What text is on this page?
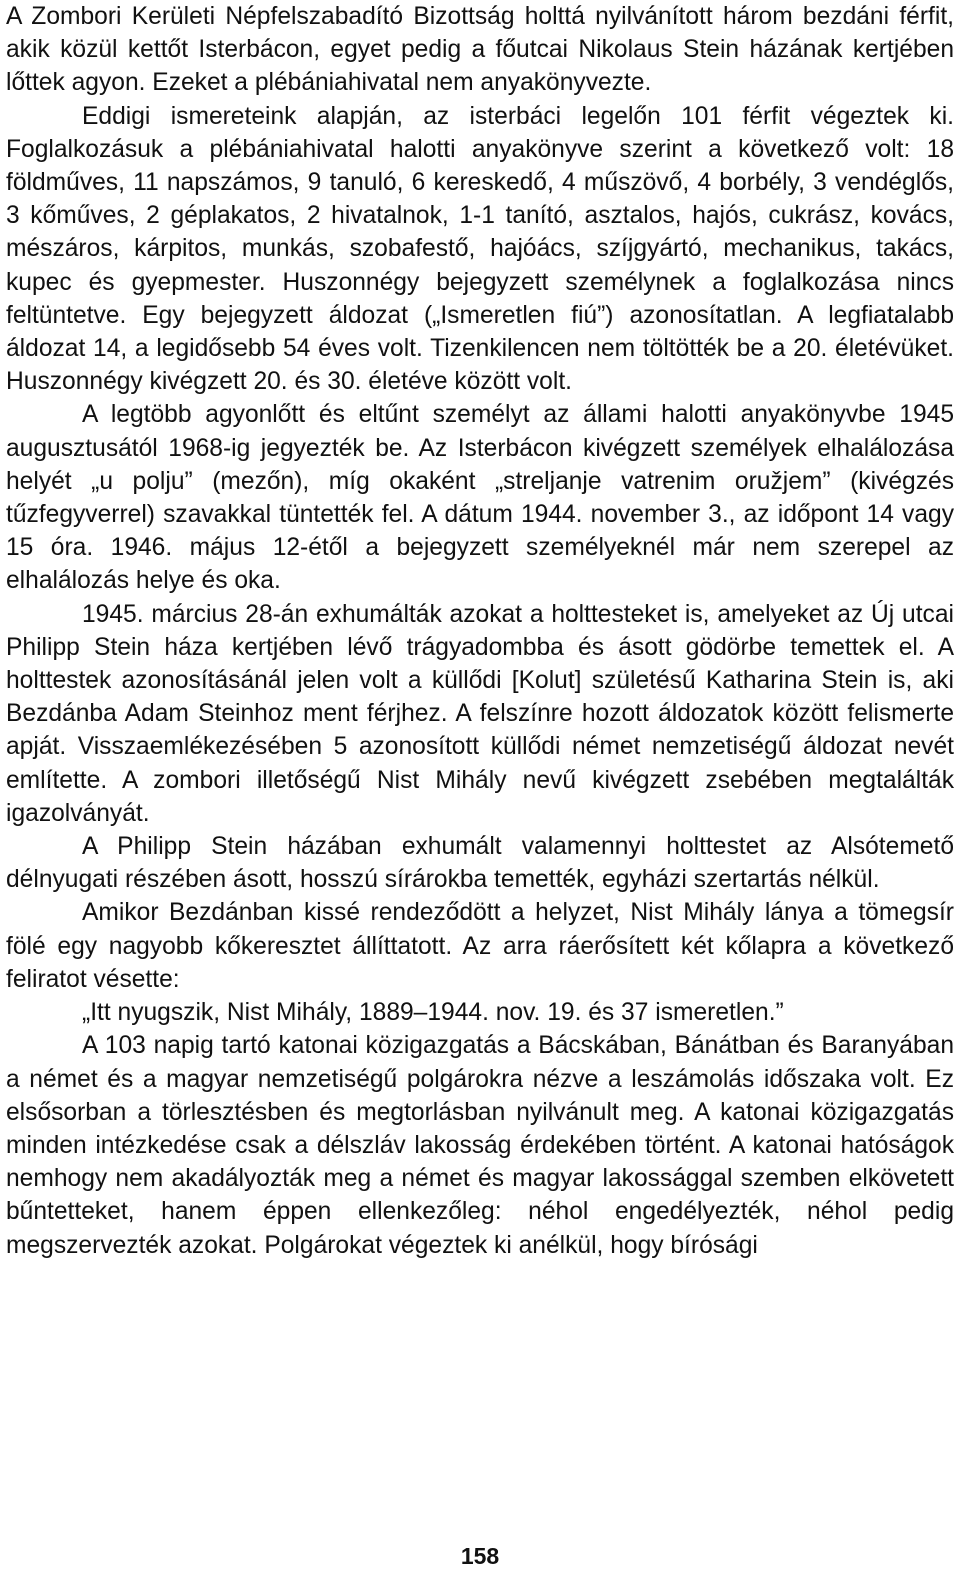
A Zombori Kerületi Népfelszabadító Bizottság holttá nyilvánított három bezdáni férfit, akik közül kettőt Isterbácon, egyet pedig a főutcai Nikolaus Stein házának kertjében lőttek agyon. Ezeket a plébániahivatal nem anyakönyvezte.

Eddigi ismereteink alapján, az isterbáci legelőn 101 férfit végeztek ki. Foglalkozásuk a plébániahivatal halotti anyakönyve szerint a következő volt: 18 földműves, 11 napszámos, 9 tanuló, 6 kereskedő, 4 műszövő, 4 borbély, 3 vendéglős, 3 kőműves, 2 géplakatos, 2 hivatalnok, 1-1 tanító, asztalos, hajós, cukrász, kovács, mészáros, kárpitos, munkás, szobafestő, hajóács, szíjgyártó, mechanikus, takács, kupec és gyepmester. Huszonnégy bejegyzett személynek a foglalkozása nincs feltüntetve. Egy bejegyzett áldozat („Ismeretlen fiú”) azonosítatlan. A legfiatalabb áldozat 14, a legidősebb 54 éves volt. Tizenkilencen nem töltötték be a 20. életévüket. Huszonnégy kivégzett 20. és 30. életéve között volt.

A legtöbb agyonlőtt és eltűnt személyt az állami halotti anyakönyvbe 1945 augusztusától 1968-ig jegyezték be. Az Isterbácon kivégzett személyek elhalálozása helyét „u polju” (mezőn), míg okaként „streljanje vatrenim oružjem” (kivégzés tűzfegyverrel) szavakkal tüntették fel. A dátum 1944. november 3., az időpont 14 vagy 15 óra. 1946. május 12-étől a bejegyzett személyeknél már nem szerepel az elhalálozás helye és oka.

1945. március 28-án exhumálták azokat a holttesteket is, amelyeket az Új utcai Philipp Stein háza kertjében lévő trágyadombba és ásott gödörbe temettek el. A holttestek azonosításánál jelen volt a küllődi [Kolut] születésű Katharina Stein is, aki Bezdánba Adam Steinhoz ment férjhez. A felszínre hozott áldozatok között felismerte apját. Visszaemlékezésében 5 azonosított küllődi német nemzetiségű áldozat nevét említette. A zombori illetőségű Nist Mihály nevű kivégzett zsebében megtalálták igazolványát.

A Philipp Stein házában exhumált valamennyi holttestet az Alsótemető délnyugati részében ásott, hosszú sírárokba temették, egyházi szertartás nélkül.

Amikor Bezdánban kissé rendeződött a helyzet, Nist Mihály lánya a tömegsír fölé egy nagyobb kőkeresztet állíttatott. Az arra ráerősített két kőlapra a következő feliratot vésette:

„Itt nyugszik, Nist Mihály, 1889–1944. nov. 19. és 37 ismeretlen.”

A 103 napig tartó katonai közigazgatás a Bácskában, Bánátban és Baranyában a német és a magyar nemzetiségű polgárokra nézve a leszámolás időszaka volt. Ez elsősorban a törlesztésben és megtorlásban nyilvánult meg. A katonai közigazgatás minden intézkedése csak a délszláv lakosság érdekében történt. A katonai hatóságok nemhogy nem akadályozták meg a német és magyar lakossággal szemben elkövetett bűntetteket, hanem éppen ellenkezőleg: néhol engedélyezték, néhol pedig megszervezték azokat. Polgárokat végeztek ki anélkül, hogy bírósági

158
